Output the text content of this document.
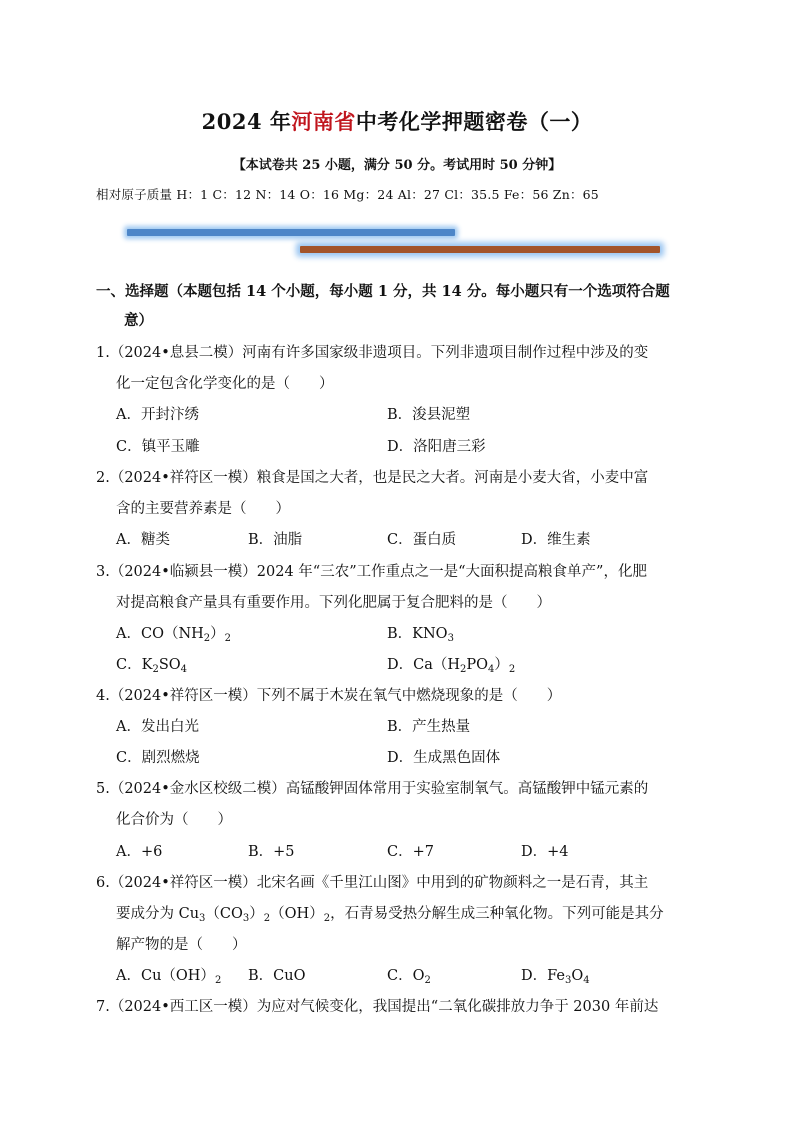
2024 年河南省中考化学押题密卷（一）
【本试卷共 25 小题，满分 50 分。考试用时 50 分钟】
相对原子质量 H：1 C：12 N：14 O：16 Mg：24 Al：27 Cl：35.5 Fe：56 Zn：65
一、选择题（本题包括 14 个小题，每小题 1 分，共 14 分。每小题只有一个选项符合题
意）
1.（2024•息县二模）河南有许多国家级非遗项目。下列非遗项目制作过程中涉及的变
化一定包含化学变化的是（　　）
A．开封汴绣	B．浚县泥塑
C．镇平玉雕	D．洛阳唐三彩
2.（2024•祥符区一模）粮食是国之大者，也是民之大者。河南是小麦大省，小麦中富
含的主要营养素是（　　）
A．糖类	B．油脂	C．蛋白质	D．维生素
3.（2024•临颍县一模）2024 年“三农”工作重点之一是“大面积提高粮食单产”，化肥
对提高粮食产量具有重要作用。下列化肥属于复合肥料的是（　　）
A．$CO(NH_2)_2$	B．$KNO_3$
C．$K_2SO_4$	D．$Ca(H_2PO_4)_2$
4.（2024•祥符区一模）下列不属于木炭在氧气中燃烧现象的是（　　）
A．发出白光	B．产生热量
C．剧烈燃烧	D．生成黑色固体
5.（2024•金水区校级二模）高锰酸钾固体常用于实验室制氧气。高锰酸钾中锰元素的
化合价为（　　）
A．+6	B．+5	C．+7	D．+4
6.（2024•祥符区一模）北宋名画《千里江山图》中用到的矿物颜料之一是石青，其主
要成分为 $Cu_3(CO_3)_2(OH)_2$，石青易受热分解生成三种氧化物。下列可能是其分
解产物的是（　　）
A．$Cu(OH)_2$ B．CuO	C．$O_2$	D．$Fe_3O_4$
7.（2024•西工区一模）为应对气候变化，我国提出“二氧化碳排放力争于 2030 年前达
